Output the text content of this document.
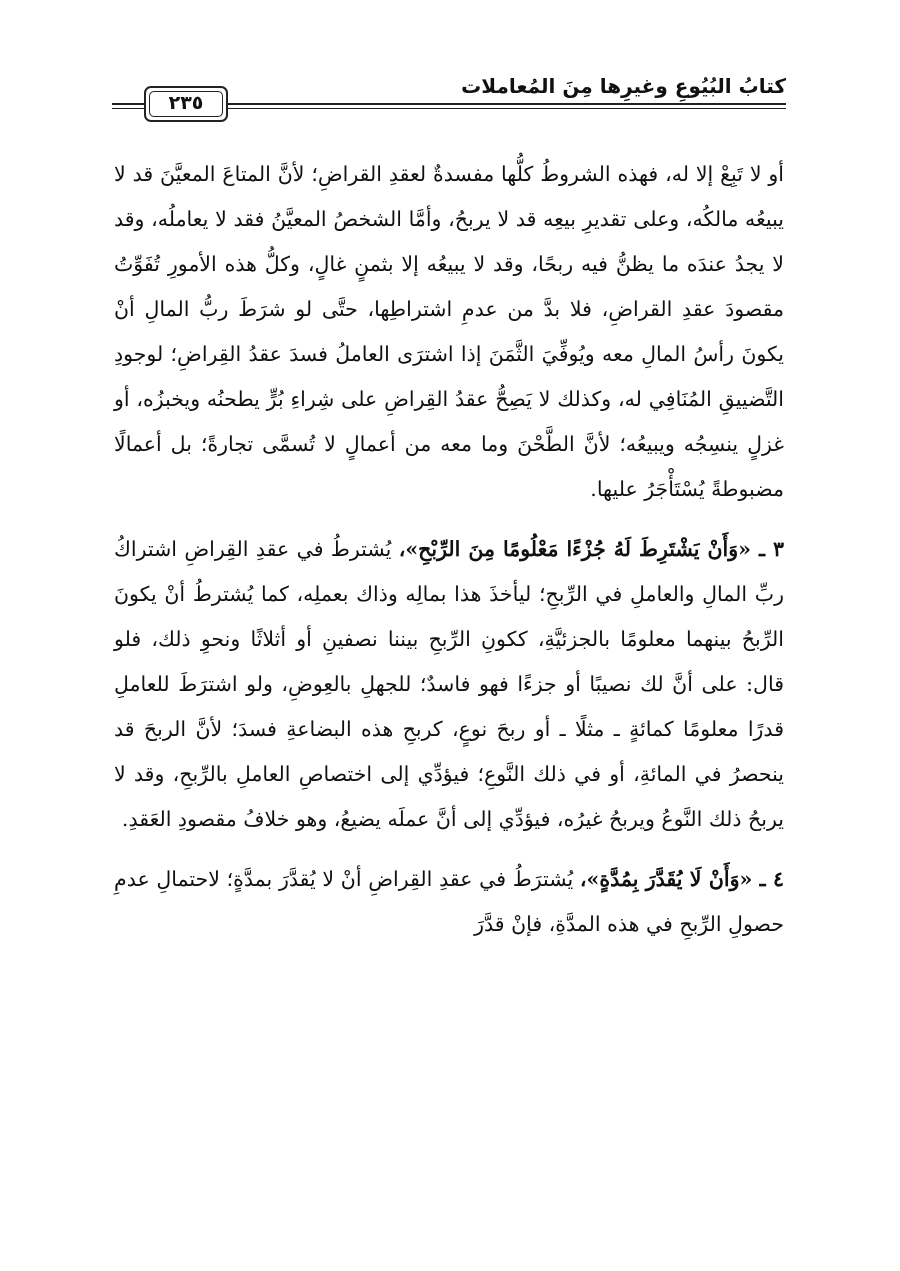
٢٣٥
كتابُ البُيُوعِ وغيرِها مِنَ المُعاملات

أو لا تَبِعْ إلا له، فهذه الشروطُ كلُّها مفسدةٌ لعقدِ القراضِ؛ لأنَّ المتاعَ المعيَّنَ قد لا يبيعُه مالكُه، وعلى تقديرِ بيعِه قد لا يربحُ، وأمَّا الشخصُ المعيَّنُ فقد لا يعاملُه، وقد لا يجدُ عندَه ما يظنُّ فيه ربحًا، وقد لا يبيعُه إلا بثمنٍ غالٍ، وكلُّ هذه الأمورِ تُفَوِّتُ مقصودَ عقدِ القراضِ، فلا بدَّ من عدمِ اشتراطِها، حتَّى لو شرَطَ ربُّ المالِ أنْ يكونَ رأسُ المالِ معه ويُوفِّيَ الثَّمَنَ إذا اشترَى العاملُ فسدَ عقدُ القِراضِ؛ لوجودِ التَّضييقِ المُنَافِي له، وكذلك لا يَصِحُّ عقدُ القِراضِ على شِراءِ بُرٍّ يطحنُه ويخبزُه، أو غزلٍ ينسِجُه ويبيعُه؛ لأنَّ الطَّحْنَ وما معه من أعمالٍ لا تُسمَّى تجارةً؛ بل أعمالًا مضبوطةً يُسْتَأْجَرُ عليها.

٣ ـ «وَأَنْ يَشْتَرِطَ لَهُ جُزْءًا مَعْلُومًا مِنَ الرِّبْحِ»، يُشترطُ في عقدِ القِراضِ اشتراكُ ربِّ المالِ والعاملِ في الرِّبحِ؛ ليأخذَ هذا بمالِه وذاك بعملِه، كما يُشترطُ أنْ يكونَ الرِّبحُ بينهما معلومًا بالجزئيَّةِ، ككونِ الرِّبحِ بيننا نصفينِ أو أثلاثًا ونحوِ ذلك، فلو قال: على أنَّ لك نصيبًا أو جزءًا فهو فاسدٌ؛ للجهلِ بالعِوضِ، ولو اشترَطَ للعاملِ قدرًا معلومًا كمائةٍ ـ مثلًا ـ أو ربحَ نوعٍ، كربحِ هذه البضاعةِ فسدَ؛ لأنَّ الربحَ قد ينحصرُ في المائةِ، أو في ذلك النَّوعِ؛ فيؤدِّي إلى اختصاصِ العاملِ بالرِّبحِ، وقد لا يربحُ ذلك النَّوعُ ويربحُ غيرُه، فيؤدِّي إلى أنَّ عملَه يضيعُ، وهو خلافُ مقصودِ العَقدِ.

٤ ـ «وَأَنْ لَا يُقَدَّرَ بِمُدَّةٍ»، يُشترَطُ في عقدِ القِراضِ أنْ لا يُقدَّرَ بمدَّةٍ؛ لاحتمالِ عدمِ حصولِ الرِّبحِ في هذه المدَّةِ، فإنْ قدَّرَ
